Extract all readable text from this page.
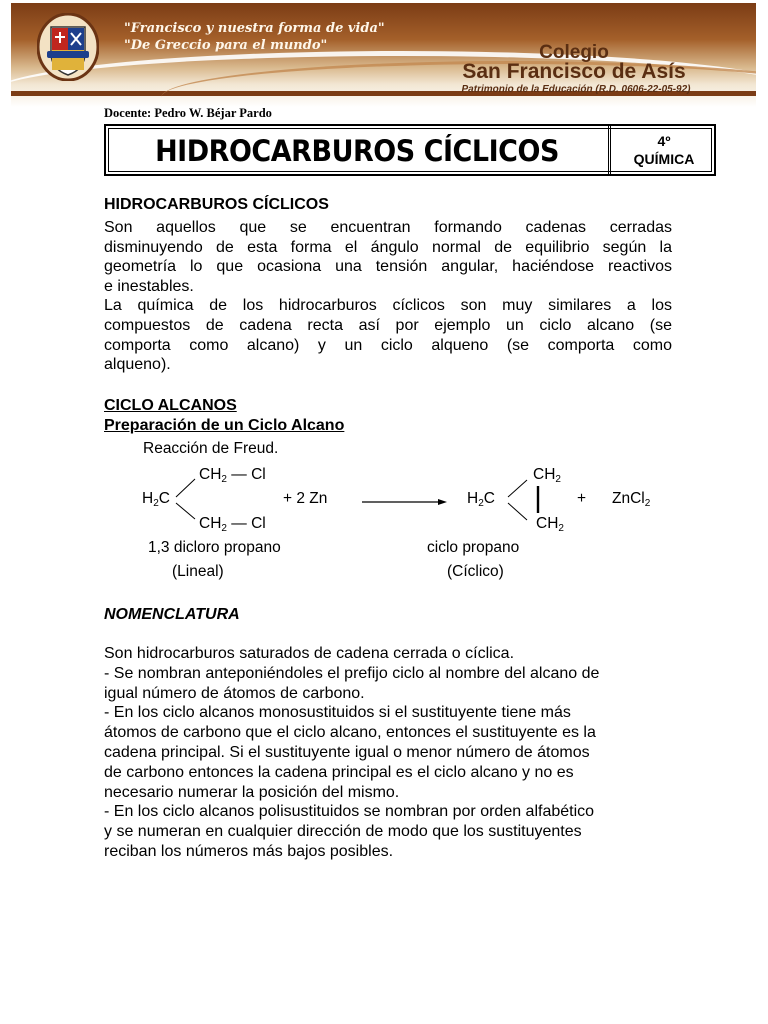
"Francisco y nuestra forma de vida"
"De Greccio para el mundo"	Colegio
San Francisco de Asís
Patrimonio de la Educación (R.D. 0606-22-05-92)
Docente: Pedro W. Béjar Pardo
HIDROCARBUROS CÍCLICOS	4º
QUÍMICA
HIDROCARBUROS CÍCLICOS
Son aquellos que se encuentran formando cadenas cerradas
disminuyendo de esta forma el ángulo normal de equilibrio según la
geometría lo que ocasiona una tensión angular, haciéndose reactivos
e inestables.
La química de los hidrocarburos cíclicos son muy similares a los
compuestos de cadena recta así por ejemplo un ciclo alcano (se
comporta como alcano) y un ciclo alqueno (se comporta como
alqueno).
CICLO ALCANOS
Preparación de un Ciclo Alcano
Reacción de Freud.
$CH_2$ — Cl
$H_2C$
$CH_2$ — Cl
+ 2 Zn
$CH_2$
$H_2C$
$CH_2$
+ ZnCl$_2$
1,3 dicloro propano
(Lineal)
ciclo propano
(Cíclico)
NOMENCLATURA
Son hidrocarburos saturados de cadena cerrada o cíclica.
- Se nombran anteponiéndoles el prefijo ciclo al nombre del alcano de
igual número de átomos de carbono.
- En los ciclo alcanos monosustituidos si el sustituyente tiene más
átomos de carbono que el ciclo alcano, entonces el sustituyente es la
cadena principal. Si el sustituyente igual o menor número de átomos
de carbono entonces la cadena principal es el ciclo alcano y no es
necesario numerar la posición del mismo.
- En los ciclo alcanos polisustituidos se nombran por orden alfabético
y se numeran en cualquier dirección de modo que los sustituyentes
reciban los números más bajos posibles.
